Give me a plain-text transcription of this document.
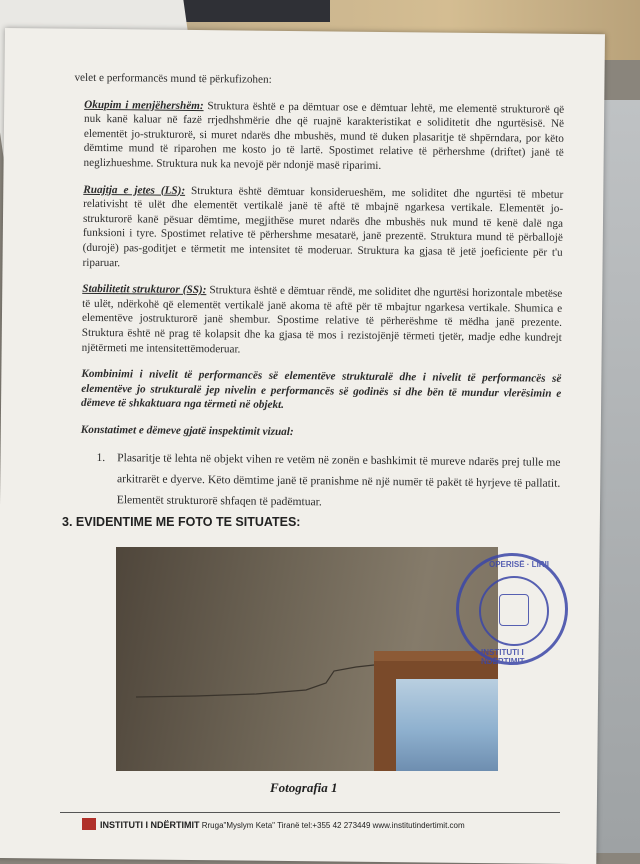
velet e performancës mund të përkufizohen:

Okupim i menjëhershëm: Struktura është e pa dëmtuar ose e dëmtuar lehtë, me elementë strukturorë që nuk kanë kaluar në fazë rrjedhshmërie dhe që ruajnë karakteristikat e soliditetit dhe ngurtësisë. Në elementët jo-strukturorë, si muret ndarës dhe mbushës, mund të duken plasaritje të shpërndara, por këto dëmtime mund të riparohen me kosto jo të lartë. Spostimet relative të përhershme (driftet) janë të neglizhueshme. Struktura nuk ka nevojë për ndonjë masë riparimi.

Ruajtja e jetes (LS): Struktura është dëmtuar konsiderueshëm, me soliditet dhe ngurtësi të mbetur relativisht të ulët dhe elementët vertikalë janë të aftë të mbajnë ngarkesa vertikale. Elementët jo-strukturorë kanë pësuar dëmtime, megjithëse muret ndarës dhe mbushës nuk mund të kenë dalë nga funksioni i tyre. Spostimet relative të përhershme mesatarë, janë prezentë. Struktura mund të përballojë (durojë) pas-goditjet e tërmetit me intensitet të moderuar. Struktura ka gjasa të jetë joeficiente për t'u riparuar.

Stabilitetit strukturor (SS): Struktura është e dëmtuar rëndë, me soliditet dhe ngurtësi horizontale mbetëse të ulët, ndërkohë që elementët vertikalë janë akoma të aftë për të mbajtur ngarkesa vertikale. Shumica e elementëve jostrukturorë janë shembur. Spostime relative të përherëshme të mëdha janë prezente. Struktura është në prag të kolapsit dhe ka gjasa të mos i rezistojënjë tërmeti tjetër, madje edhe kundrejt njëtërmeti me intensitettëmoderuar.

Kombinimi i nivelit të performancës së elementëve strukturalë dhe i nivelit të performancës së elementëve jo strukturalë jep nivelin e performancës së godinës si dhe bën të mundur vlerësimin e dëmeve të shkaktuara nga tërmeti në objekt.

Konstatimet e dëmeve gjatë inspektimit vizual:
1. Plasaritje të lehta në objekt vihen re vetëm në zonën e bashkimit të mureve ndarës prej tulle me arkitrarët e dyerve. Këto dëmtime janë të pranishme në një numër të pakët të hyrjeve të pallatit. Elementët strukturorë shfaqen të padëmtuar.
3. EVIDENTIME ME FOTO TE SITUATES:
OPERISË · LIRII
INSTITUTI I NDËRTIMIT
Fotografia 1
INSTITUTI I NDËRTIMIT Rruga"Myslym Keta" Tiranë tel:+355 42 273449 www.institutindertimit.com
